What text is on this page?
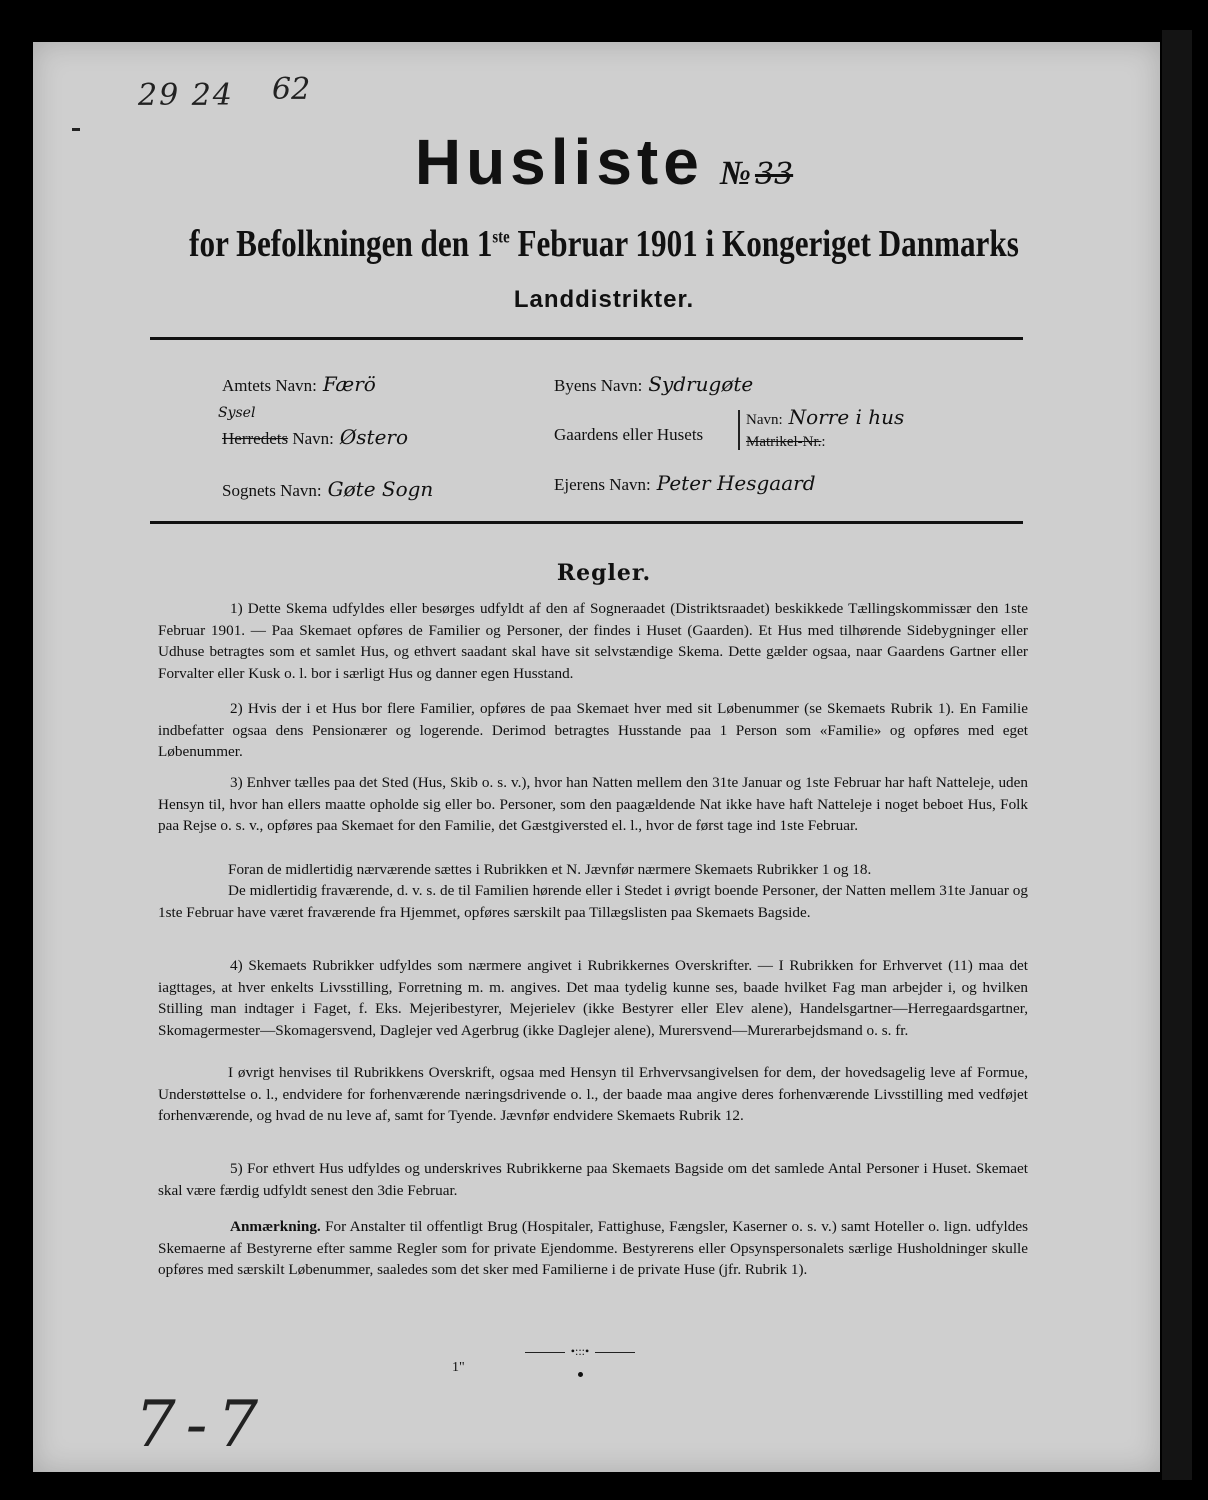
29 24 62
Husliste № 33
for Befolkningen den 1ste Februar 1901 i Kongeriget Danmarks
Landdistrikter.
Amtets Navn: Færö
Sysel
Herredets Navn: Østero
Sognets Navn: Gøte Sogn
Byens Navn: Sydrugøte
Gaardens eller Husets
Navn: Norre i hus
Matrikel-Nr.:
Ejerens Navn: Peter Hesgaard
Regler.
1) Dette Skema udfyldes eller besørges udfyldt af den af Sogneraadet (Distriktsraadet) beskikkede Tællingskommissær den 1ste Februar 1901. — Paa Skemaet opføres de Familier og Personer, der findes i Huset (Gaarden). Et Hus med tilhørende Sidebygninger eller Udhuse betragtes som et samlet Hus, og ethvert saadant skal have sit selvstændige Skema. Dette gælder ogsaa, naar Gaardens Gartner eller Forvalter eller Kusk o. l. bor i særligt Hus og danner egen Husstand.
2) Hvis der i et Hus bor flere Familier, opføres de paa Skemaet hver med sit Løbenummer (se Skemaets Rubrik 1). En Familie indbefatter ogsaa dens Pensionærer og logerende. Derimod betragtes Husstande paa 1 Person som «Familie» og opføres med eget Løbenummer.
3) Enhver tælles paa det Sted (Hus, Skib o. s. v.), hvor han Natten mellem den 31te Januar og 1ste Februar har haft Natteleje, uden Hensyn til, hvor han ellers maatte opholde sig eller bo. Personer, som den paagældende Nat ikke have haft Natteleje i noget beboet Hus, Folk paa Rejse o. s. v., opføres paa Skemaet for den Familie, det Gæstgiversted el. l., hvor de først tage ind 1ste Februar.
Foran de midlertidig nærværende sættes i Rubrikken et N. Jævnfør nærmere Skemaets Rubrikker 1 og 18.
De midlertidig fraværende, d. v. s. de til Familien hørende eller i Stedet i øvrigt boende Personer, der Natten mellem 31te Januar og 1ste Februar have været fraværende fra Hjemmet, opføres særskilt paa Tillægslisten paa Skemaets Bagside.
4) Skemaets Rubrikker udfyldes som nærmere angivet i Rubrikkernes Overskrifter. — I Rubrikken for Erhvervet (11) maa det iagttages, at hver enkelts Livsstilling, Forretning m. m. angives. Det maa tydelig kunne ses, baade hvilket Fag man arbejder i, og hvilken Stilling man indtager i Faget, f. Eks. Mejeribestyrer, Mejerielev (ikke Bestyrer eller Elev alene), Handelsgartner—Herregaardsgartner, Skomagermester—Skomagersvend, Daglejer ved Agerbrug (ikke Daglejer alene), Murersvend—Murerarbejdsmand o. s. fr.
I øvrigt henvises til Rubrikkens Overskrift, ogsaa med Hensyn til Erhvervsangivelsen for dem, der hovedsagelig leve af Formue, Understøttelse o. l., endvidere for forhenværende næringsdrivende o. l., der baade maa angive deres forhenværende Livsstilling med vedføjet forhenværende, og hvad de nu leve af, samt for Tyende. Jævnfør endvidere Skemaets Rubrik 12.
5) For ethvert Hus udfyldes og underskrives Rubrikkerne paa Skemaets Bagside om det samlede Antal Personer i Huset. Skemaet skal være færdig udfyldt senest den 3die Februar.
Anmærkning. For Anstalter til offentligt Brug (Hospitaler, Fattighuse, Fængsler, Kaserner o. s. v.) samt Hoteller o. lign. udfyldes Skemaerne af Bestyrerne efter samme Regler som for private Ejendomme. Bestyrerens eller Opsynspersonalets særlige Husholdninger skulle opføres med særskilt Løbenummer, saaledes som det sker med Familierne i de private Huse (jfr. Rubrik 1).
•:::•
1"
7-7
